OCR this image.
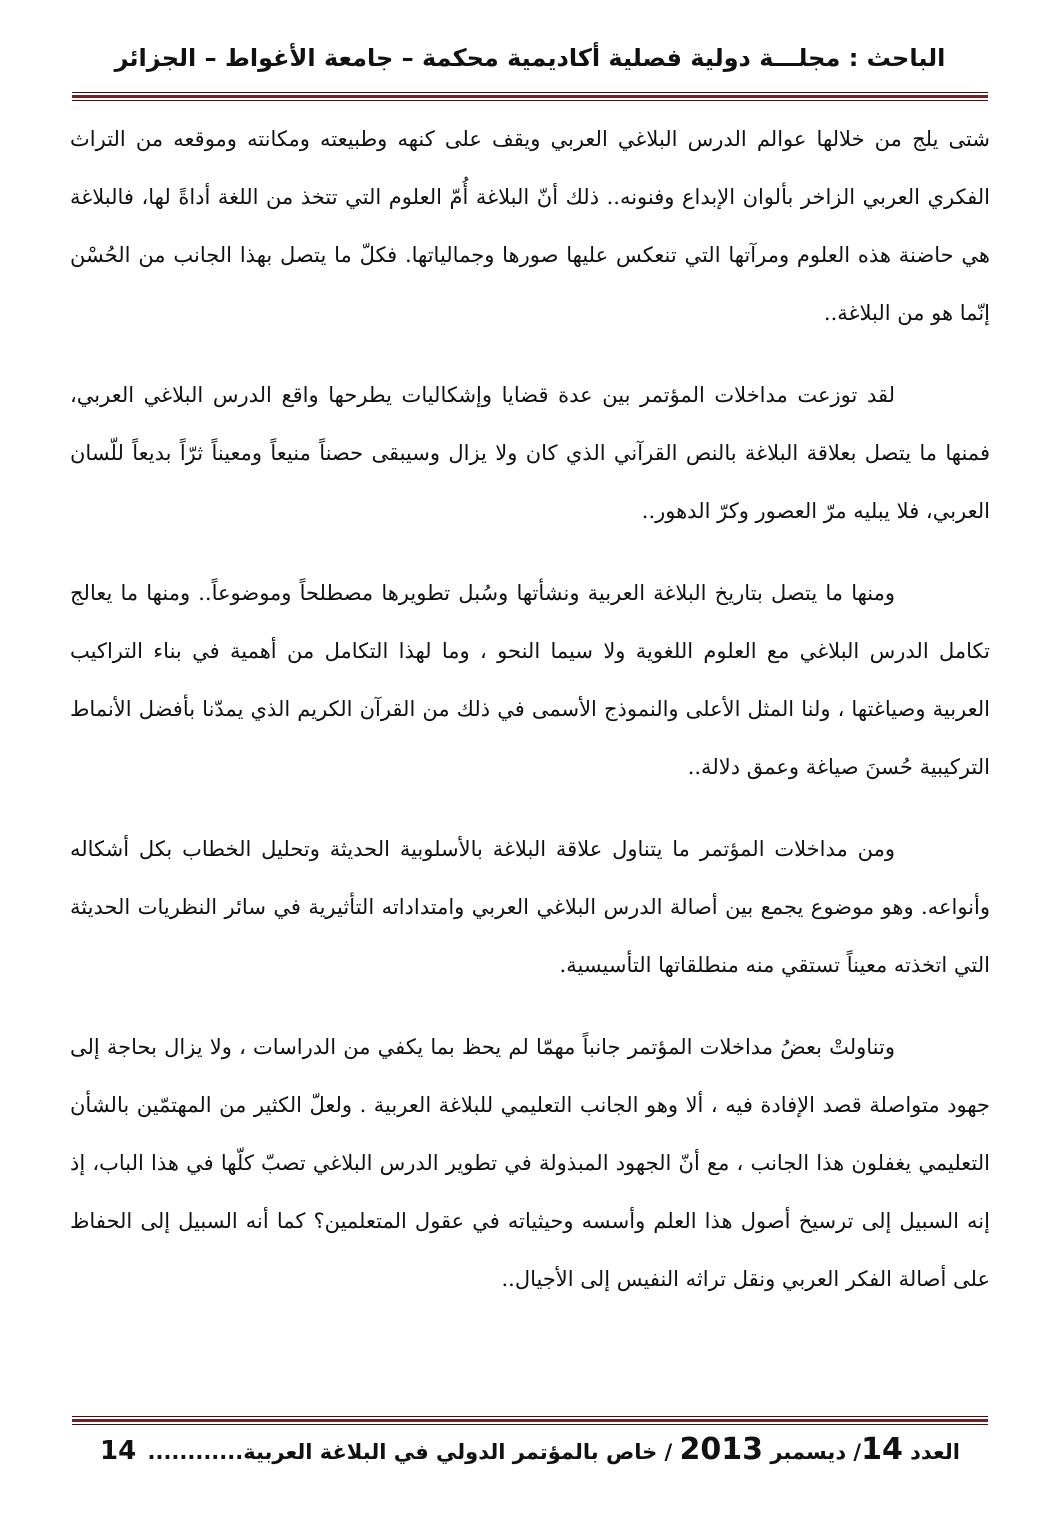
الباحث : مجلـــة دولية فصلية أكاديمية محكمة – جامعة الأغواط – الجزائر

شتى يلج من خلالها عوالم الدرس البلاغي العربي ويقف على كنهه وطبيعته ومكانته وموقعه من التراث الفكري العربي الزاخر بألوان الإبداع وفنونه.. ذلك أنّ البلاغة أُمّ العلوم التي تتخذ من اللغة أداةً لها، فالبلاغة هي حاضنة هذه العلوم ومرآتها التي تنعكس عليها صورها وجمالياتها. فكلّ ما يتصل بهذا الجانب من الحُسْن إنّما هو من البلاغة..

لقد توزعت مداخلات المؤتمر بين عدة قضايا وإشكاليات يطرحها واقع الدرس البلاغي العربي، فمنها ما يتصل بعلاقة البلاغة بالنص القرآني الذي كان ولا يزال وسيبقى حصناً منيعاً ومعيناً ثرّاً بديعاً للّسان العربي، فلا يبليه مرّ العصور وكرّ الدهور..

ومنها ما يتصل بتاريخ البلاغة العربية ونشأتها وسُبل تطويرها مصطلحاً وموضوعاً.. ومنها ما يعالج تكامل الدرس البلاغي مع العلوم اللغوية ولا سيما النحو ، وما لهذا التكامل من أهمية في بناء التراكيب العربية وصياغتها ، ولنا المثل الأعلى والنموذج الأسمى في ذلك من القرآن الكريم الذي يمدّنا بأفضل الأنماط التركيبية حُسنَ صياغة وعمق دلالة..

ومن مداخلات المؤتمر ما يتناول علاقة البلاغة بالأسلوبية الحديثة وتحليل الخطاب بكل أشكاله وأنواعه. وهو موضوع يجمع بين أصالة الدرس البلاغي العربي وامتداداته التأثيرية في سائر النظريات الحديثة التي اتخذته معيناً تستقي منه منطلقاتها التأسيسية.

وتناولتْ بعضُ مداخلات المؤتمر جانباً مهمّا لم يحظ بما يكفي من الدراسات ، ولا يزال بحاجة إلى جهود متواصلة قصد الإفادة فيه ، ألا وهو الجانب التعليمي للبلاغة العربية . ولعلّ الكثير من المهتمّين بالشأن التعليمي يغفلون هذا الجانب ، مع أنّ الجهود المبذولة في تطوير الدرس البلاغي تصبّ كلّها في هذا الباب، إذ إنه السبيل إلى ترسيخ أصول هذا العلم وأسسه وحيثياته في عقول المتعلمين؟ كما أنه السبيل إلى الحفاظ على أصالة الفكر العربي ونقل تراثه النفيس إلى الأجيال..

العدد 14/ ديسمبر 2013 / خاص بالمؤتمر الدولي في البلاغة العربية............
14
